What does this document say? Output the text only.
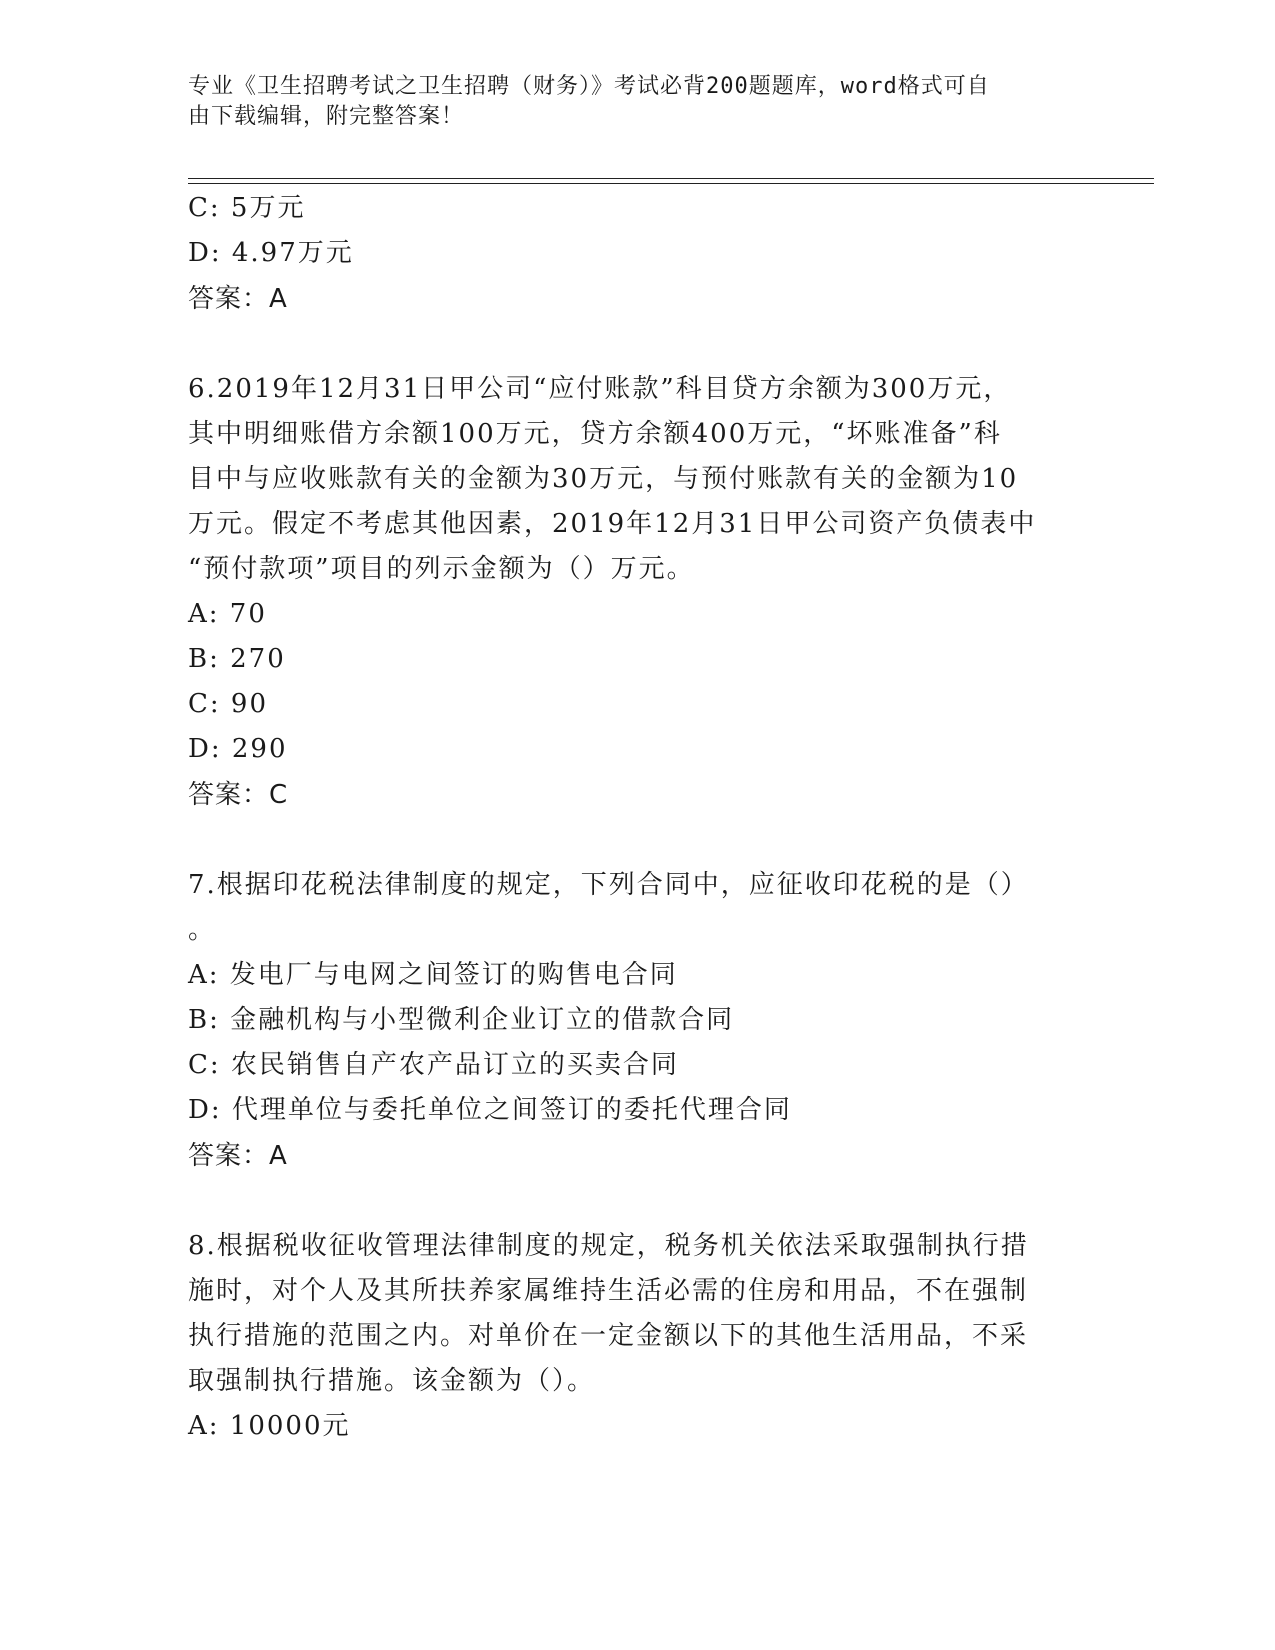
专业《卫生招聘考试之卫生招聘（财务）》考试必背200题题库，word格式可自
由下载编辑，附完整答案！
C: 5万元
D: 4.97万元
答案：A
6.2019年12月31日甲公司“应付账款”科目贷方余额为300万元，
其中明细账借方余额100万元，贷方余额400万元，“坏账准备”科
目中与应收账款有关的金额为30万元，与预付账款有关的金额为10
万元。假定不考虑其他因素，2019年12月31日甲公司资产负债表中
“预付款项”项目的列示金额为（）万元。
A: 70
B: 270
C: 90
D: 290
答案：C
7.根据印花税法律制度的规定，下列合同中，应征收印花税的是（）
。
A: 发电厂与电网之间签订的购售电合同
B: 金融机构与小型微利企业订立的借款合同
C: 农民销售自产农产品订立的买卖合同
D: 代理单位与委托单位之间签订的委托代理合同
答案：A
8.根据税收征收管理法律制度的规定，税务机关依法采取强制执行措
施时，对个人及其所扶养家属维持生活必需的住房和用品，不在强制
执行措施的范围之内。对单价在一定金额以下的其他生活用品，不采
取强制执行措施。该金额为（）。
A: 10000元
